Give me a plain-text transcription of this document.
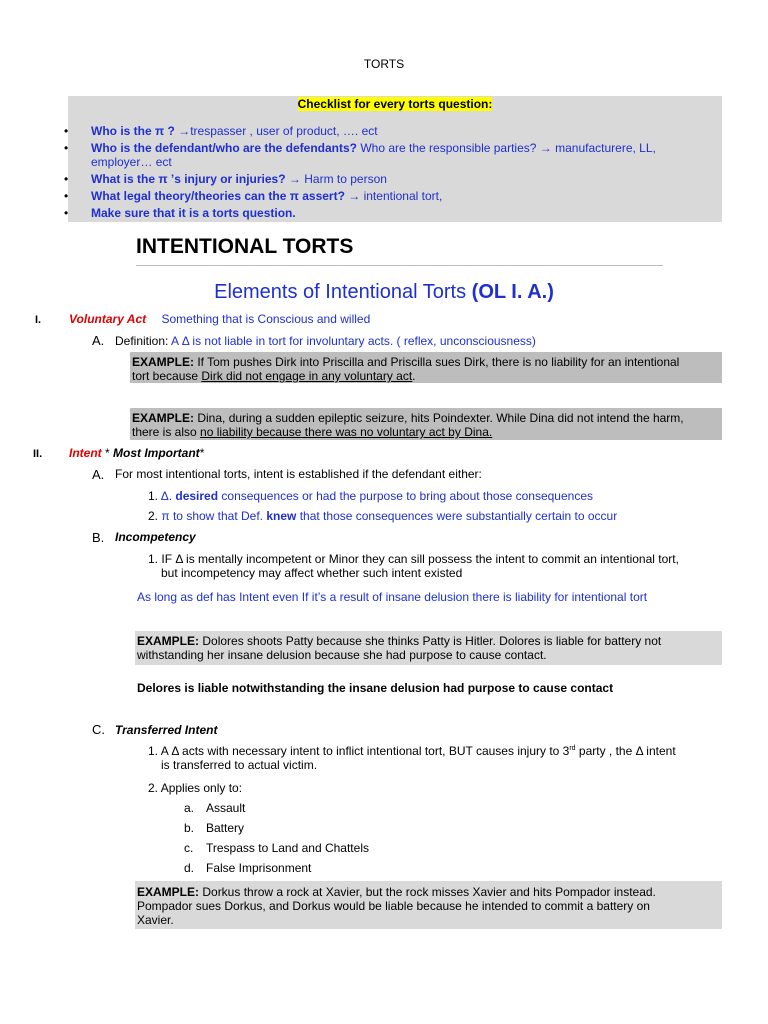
TORTS
Checklist for every torts question:
• Who is the π ? →trespasser , user of product, …. ect
• Who is the defendant/who are the defendants? Who are the responsible parties? → manufacturere, LL,
employer… ect
• What is the π ’s injury or injuries? → Harm to person
• What legal theory/theories can the π assert? → intentional tort,
• Make sure that it is a torts question.
INTENTIONAL TORTS
Elements of Intentional Torts (OL I. A.)
I. Voluntary Act Something that is Conscious and willed
A. Definition: A Δ is not liable in tort for involuntary acts. ( reflex, unconsciousness)
EXAMPLE: If Tom pushes Dirk into Priscilla and Priscilla sues Dirk, there is no liability for an intentional
tort because Dirk did not engage in any voluntary act.
EXAMPLE: Dina, during a sudden epileptic seizure, hits Poindexter. While Dina did not intend the harm,
there is also no liability because there was no voluntary act by Dina.
II. Intent * Most Important*
A. For most intentional torts, intent is established if the defendant either:
1. Δ. desired consequences or had the purpose to bring about those consequences
2. π to show that Def. knew that those consequences were substantially certain to occur
B. Incompetency
1. IF Δ is mentally incompetent or Minor they can sill possess the intent to commit an intentional tort,
but incompetency may affect whether such intent existed
As long as def has Intent even If it’s a result of insane delusion there is liability for intentional tort
EXAMPLE: Dolores shoots Patty because she thinks Patty is Hitler. Dolores is liable for battery not
withstanding her insane delusion because she had purpose to cause contact.
Delores is liable notwithstanding the insane delusion had purpose to cause contact
C. Transferred Intent
1. A Δ acts with necessary intent to inflict intentional tort, BUT causes injury to 3rd party , the Δ intent
is transferred to actual victim.
2. Applies only to:
a. Assault
b. Battery
c. Trespass to Land and Chattels
d. False Imprisonment
EXAMPLE: Dorkus throw a rock at Xavier, but the rock misses Xavier and hits Pompador instead.
Pompador sues Dorkus, and Dorkus would be liable because he intended to commit a battery on
Xavier.
